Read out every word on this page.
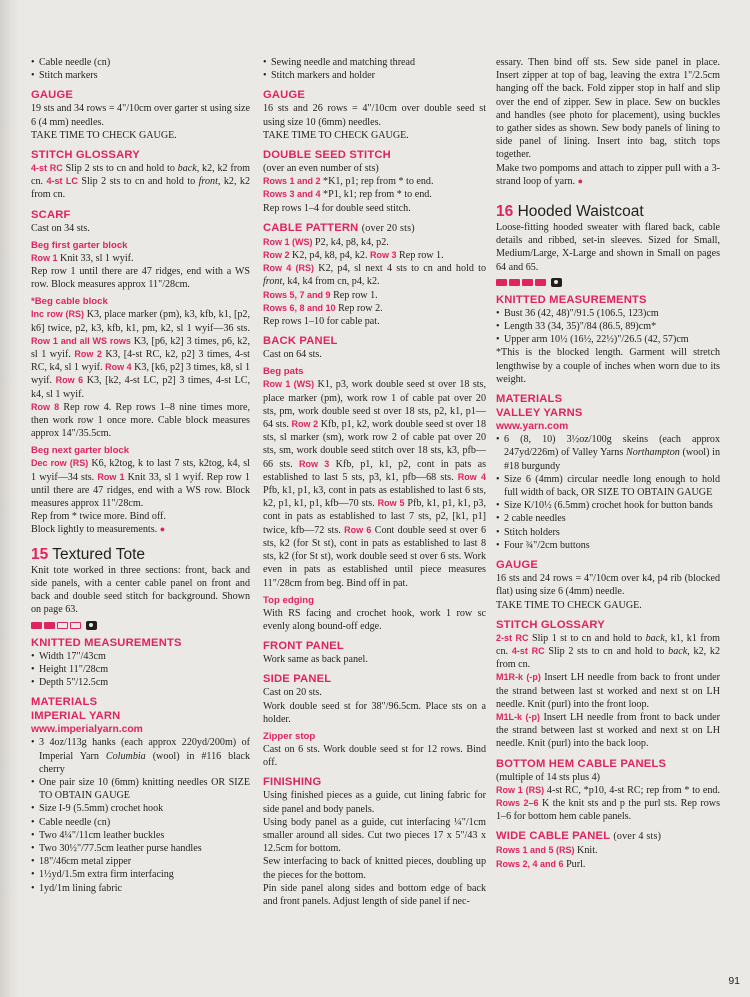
• Cable needle (cn)

• Stitch markers

GAUGE

19 sts and 34 rows = 4"/10cm over garter st using size 6 (4 mm) needles.

TAKE TIME TO CHECK GAUGE.

STITCH GLOSSARY

4-st RC Slip 2 sts to cn and hold to back, k2, k2 from cn. 4-st LC Slip 2 sts to cn and hold to front, k2, k2 from cn.

SCARF

Cast on 34 sts.

Beg first garter block

Row 1 Knit 33, sl 1 wyif.

Rep row 1 until there are 47 ridges, end with a WS row. Block measures approx 11"/28cm.

*Beg cable block

Inc row (RS) K3, place marker (pm), k3, kfb, k1, [p2, k6] twice, p2, k3, kfb, k1, pm, k2, sl 1 wyif—36 sts. Row 1 and all WS rows K3, [p6, k2] 3 times, p6, k2, sl 1 wyif. Row 2 K3, [4-st RC, k2, p2] 3 times, 4-st RC, k4, sl 1 wyif. Row 4 K3, [k6, p2] 3 times, k8, sl 1 wyif. Row 6 K3, [k2, 4-st LC, p2] 3 times, 4-st LC, k4, sl 1 wyif.

Row 8 Rep row 4. Rep rows 1–8 nine times more, then work row 1 once more. Cable block measures approx 14"/35.5cm.

Beg next garter block

Dec row (RS) K6, k2tog, k to last 7 sts, k2tog, k4, sl 1 wyif—34 sts. Row 1 Knit 33, sl 1 wyif. Rep row 1 until there are 47 ridges, end with a WS row. Block measures approx 11"/28cm.

Rep from * twice more. Bind off.

Block lightly to measurements. ●

15 Textured Tote

Knit tote worked in three sections: front, back and side panels, with a center cable panel on front and back and double seed stitch for background. Shown on page 63.

KNITTED MEASUREMENTS

• Width 17"/43cm

• Height 11"/28cm

• Depth 5"/12.5cm

MATERIALS
IMPERIAL YARN
www.imperialyarn.com

• 3 4oz/113g hanks (each approx 220yd/200m) of Imperial Yarn Columbia (wool) in #116 black cherry

• One pair size 10 (6mm) knitting needles OR SIZE TO OBTAIN GAUGE

• Size I-9 (5.5mm) crochet hook

• Cable needle (cn)

• Two 4¼"/11cm leather buckles

• Two 30½"/77.5cm leather purse handles

• 18"/46cm metal zipper

• 1½yd/1.5m extra firm interfacing

• 1yd/1m lining fabric

• Sewing needle and matching thread

• Stitch markers and holder

GAUGE

16 sts and 26 rows = 4"/10cm over double seed st using size 10 (6mm) needles.

TAKE TIME TO CHECK GAUGE.

DOUBLE SEED STITCH

(over an even number of sts)

Rows 1 and 2 *K1, p1; rep from * to end.

Rows 3 and 4 *P1, k1; rep from * to end.

Rep rows 1–4 for double seed stitch.

CABLE PATTERN (over 20 sts)

Row 1 (WS) P2, k4, p8, k4, p2.

Row 2 K2, p4, k8, p4, k2. Row 3 Rep row 1.

Row 4 (RS) K2, p4, sl next 4 sts to cn and hold to front, k4, k4 from cn, p4, k2.

Rows 5, 7 and 9 Rep row 1.

Rows 6, 8 and 10 Rep row 2.

Rep rows 1–10 for cable pat.

BACK PANEL

Cast on 64 sts.

Beg pats

Row 1 (WS) K1, p3, work double seed st over 18 sts, place marker (pm), work row 1 of cable pat over 20 sts, pm, work double seed st over 18 sts, p2, k1, p1—64 sts. Row 2 Kfb, p1, k2, work double seed st over 18 sts, sl marker (sm), work row 2 of cable pat over 20 sts, sm, work double seed stitch over 18 sts, k3, pfb—66 sts. Row 3 Kfb, p1, k1, p2, cont in pats as established to last 5 sts, p3, k1, pfb—68 sts. Row 4 Pfb, k1, p1, k3, cont in pats as established to last 6 sts, k2, p1, k1, p1, kfb—70 sts. Row 5 Pfb, k1, p1, k1, p3, cont in pats as established to last 7 sts, p2, [k1, p1] twice, kfb—72 sts. Row 6 Cont double seed st over 6 sts, k2 (for St st), cont in pats as established to last 8 sts, k2 (for St st), work double seed st over 6 sts. Work even in pats as established until piece measures 11"/28cm from beg. Bind off in pat.

Top edging

With RS facing and crochet hook, work 1 row sc evenly along bound-off edge.

FRONT PANEL

Work same as back panel.

SIDE PANEL

Cast on 20 sts.

Work double seed st for 38"/96.5cm. Place sts on a holder.

Zipper stop

Cast on 6 sts. Work double seed st for 12 rows. Bind off.

FINISHING

Using finished pieces as a guide, cut lining fabric for side panel and body panels.

Using body panel as a guide, cut interfacing ¼"/1cm smaller around all sides. Cut two pieces 17 x 5"/43 x 12.5cm for bottom.

Sew interfacing to back of knitted pieces, doubling up the pieces for the bottom.

Pin side panel along sides and bottom edge of back and front panels. Adjust length of side panel if nec-

essary. Then bind off sts. Sew side panel in place. Insert zipper at top of bag, leaving the extra 1"/2.5cm hanging off the back. Fold zipper stop in half and slip over the end of zipper. Sew in place. Sew on buckles and handles (see photo for placement), using buckles to gather sides as shown. Sew body panels of lining to side panel of lining. Insert into bag, stitch tops together.

Make two pompoms and attach to zipper pull with a 3-strand loop of yarn. ●

16 Hooded Waistcoat

Loose-fitting hooded sweater with flared back, cable details and ribbed, set-in sleeves. Sized for Small, Medium/Large, X-Large and shown in Small on pages 64 and 65.

KNITTED MEASUREMENTS

• Bust 36 (42, 48)"/91.5 (106.5, 123)cm

• Length 33 (34, 35)"/84 (86.5, 89)cm*

• Upper arm 10½ (16½, 22½)"/26.5 (42, 57)cm

*This is the blocked length. Garment will stretch lengthwise by a couple of inches when worn due to its weight.

MATERIALS
VALLEY YARNS
www.yarn.com

• 6 (8, 10) 3½oz/100g skeins (each approx 247yd/226m) of Valley Yarns Northampton (wool) in #18 burgundy

• Size 6 (4mm) circular needle long enough to hold full width of back, OR SIZE TO OBTAIN GAUGE

• Size K/10½ (6.5mm) crochet hook for button bands

• 2 cable needles

• Stitch holders

• Four ¾"/2cm buttons

GAUGE

16 sts and 24 rows = 4"/10cm over k4, p4 rib (blocked flat) using size 6 (4mm) needle.

TAKE TIME TO CHECK GAUGE.

STITCH GLOSSARY

2-st RC Slip 1 st to cn and hold to back, k1, k1 from cn. 4-st RC Slip 2 sts to cn and hold to back, k2, k2 from cn.

M1R-k (-p) Insert LH needle from back to front under the strand between last st worked and next st on LH needle. Knit (purl) into the front loop.

M1L-k (-p) Insert LH needle from front to back under the strand between last st worked and next st on LH needle. Knit (purl) into the back loop.

BOTTOM HEM CABLE PANELS

(multiple of 14 sts plus 4)

Row 1 (RS) 4-st RC, *p10, 4-st RC; rep from * to end. Rows 2–6 K the knit sts and p the purl sts. Rep rows 1–6 for bottom hem cable panels.

WIDE CABLE PANEL (over 4 sts)

Rows 1 and 5 (RS) Knit.

Rows 2, 4 and 6 Purl.

91
